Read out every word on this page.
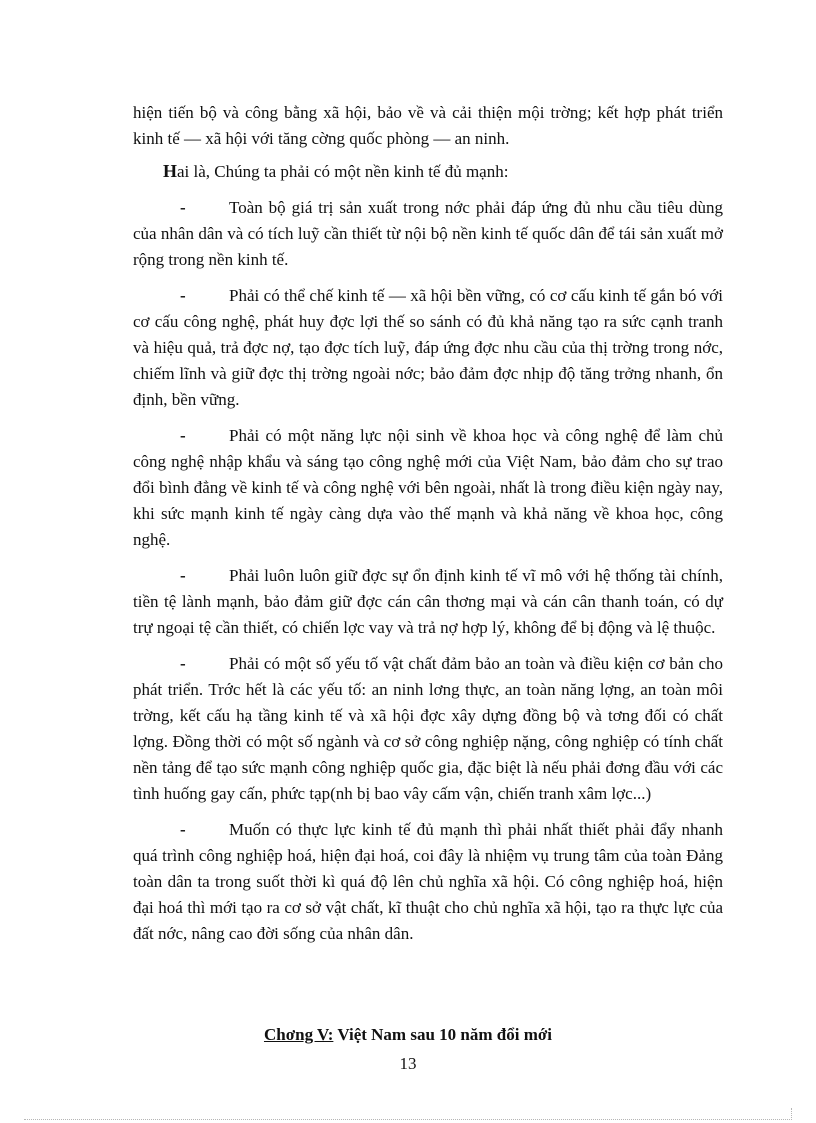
hiện tiến bộ và công bằng xã hội, bảo về và cải thiện mội trờng; kết hợp phát triển kinh tế — xã hội với tăng cờng quốc phòng — an ninh.

Hai là, Chúng ta phải có một nền kinh tế đủ mạnh:

-	Toàn bộ giá trị sản xuất trong nớc phải đáp ứng đủ nhu cầu tiêu dùng của nhân dân và có tích luỹ cần thiết từ nội bộ nền kinh tế quốc dân để tái sản xuất mở rộng trong nền kinh tế.

-	Phải có thể chế kinh tế — xã hội bền vững, có cơ cấu kinh tế gắn bó với cơ cấu công nghệ, phát huy đợc lợi thế so sánh có đủ khả năng tạo ra sức cạnh tranh và hiệu quả, trả đợc nợ, tạo đợc tích luỹ, đáp ứng đợc nhu cầu của thị trờng trong nớc, chiếm lĩnh và giữ đợc thị trờng ngoài nớc; bảo đảm đợc nhịp độ tăng trởng nhanh, ổn định, bền vững.

-	Phải có một năng lực nội sinh về khoa học và công nghệ để làm chủ công nghệ nhập khẩu và sáng tạo công nghệ mới của Việt Nam, bảo đảm cho sự trao đổi bình đẳng về kinh tế và công nghệ với bên ngoài, nhất là trong điều kiện ngày nay, khi sức mạnh kinh tế ngày càng dựa vào thế mạnh và khả năng về khoa học, công nghệ.

-	Phải luôn luôn giữ đợc sự ổn định kinh tế vĩ mô với hệ thống tài chính, tiền tệ lành mạnh, bảo đảm giữ đợc cán cân thơng mại và cán cân thanh toán, có dự trự ngoại tệ cần thiết, có chiến lợc vay và trả nợ hợp lý, không để bị động và lệ thuộc.

-	Phải có một số yếu tố vật chất đảm bảo an toàn và điều kiện cơ bản cho phát triển. Trớc hết là các yếu tố: an ninh lơng thực, an toàn năng lợng, an toàn môi trờng, kết cấu hạ tầng kinh tế và xã hội đợc xây dựng đồng bộ và tơng đối có chất lợng. Đồng thời có một số ngành và cơ sở công nghiệp nặng, công nghiệp có tính chất nền tảng để tạo sức mạnh công nghiệp quốc gia, đặc biệt là nếu phải đơng đầu với các tình huống gay cấn, phức tạp(nh bị bao vây cấm vận, chiến tranh xâm lợc...)

-	Muốn có thực lực kinh tế đủ mạnh thì phải nhất thiết phải đẩy nhanh quá trình công nghiệp hoá, hiện đại hoá, coi đây là nhiệm vụ trung tâm của toàn Đảng toàn dân ta trong suốt thời kì quá độ lên chủ nghĩa xã hội. Có công nghiệp hoá, hiện đại hoá thì mới tạo ra cơ sở vật chất, kĩ thuật cho chủ nghĩa xã hội, tạo ra thực lực của đất nớc, nâng cao đời sống của nhân dân.

Chơng V: Việt Nam sau 10 năm đổi mới
13
